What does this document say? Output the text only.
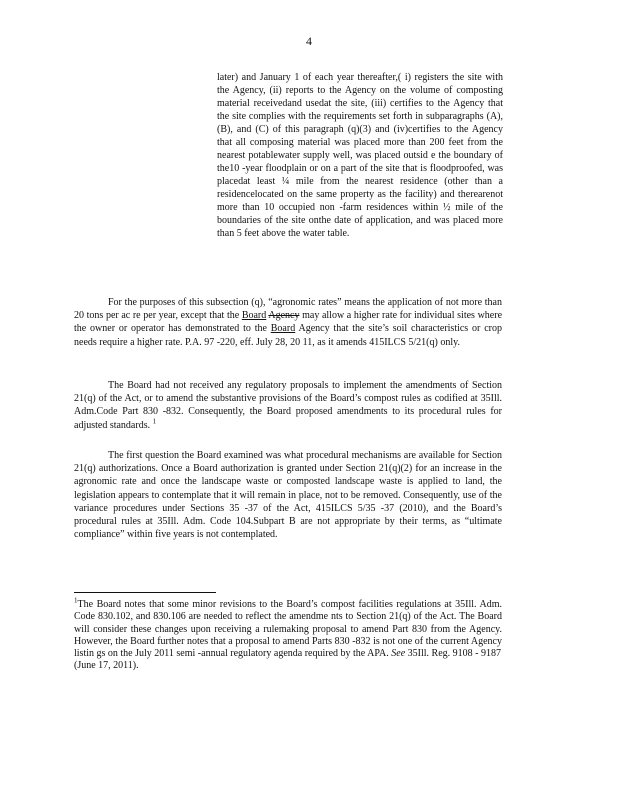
4
later) and January 1 of each year thereafter,( i) registers the site with the Agency, (ii) reports to the Agency on the volume of composting material receivedand usedat the site, (iii) certifies to the Agency that the site complies with the requirements set forth in subparagraphs (A),(B), and (C) of this paragraph (q)(3) and (iv)certifies to the Agency that all composing material was placed more than 200 feet from the nearest potablewater supply well, was placed outsid e the boundary of the10 -year floodplain or on a part of the site that is floodproofed, was placedat least ¼ mile from the nearest residence (other than a residencelocated on the same property as the facility) and therearenot more than 10 occupied non -farm residences within ½ mile of the boundaries of the site onthe date of application, and was placed more than 5 feet above the water table.
For the purposes of this subsection (q), “agronomic rates” means the application of not more than 20 tons per ac re per year, except that the Board Agency may allow a higher rate for individual sites where the owner or operator has demonstrated to the Board Agency that the site’s soil characteristics or crop needs require a higher rate. P.A. 97 -220, eff. July 28, 20 11, as it amends 415ILCS 5/21(q) only.
The Board had not received any regulatory proposals to implement the amendments of Section 21(q) of the Act, or to amend the substantive provisions of the Board’s compost rules as codified at 35Ill. Adm.Code Part 830 -832. Consequently, the Board proposed amendments to its procedural rules for adjusted standards. $^1$
The first question the Board examined was what procedural mechanisms are available for Section 21(q) authorizations. Once a Board authorization is granted under Section 21(q)(2) for an increase in the agronomic rate and once the landscape waste or composted landscape waste is applied to land, the legislation appears to contemplate that it will remain in place, not to be removed. Consequently, use of the variance procedures under Sections 35 -37 of the Act, 415ILCS 5/35 -37 (2010), and the Board’s procedural rules at 35Ill. Adm. Code 104.Subpart B are not appropriate by their terms, as “ultimate compliance” within five years is not contemplated.
$^1$The Board notes that some minor revisions to the Board’s compost facilities regulations at 35Ill. Adm. Code 830.102, and 830.106 are needed to reflect the amendme nts to Section 21(q) of the Act. The Board will consider these changes upon receiving a rulemaking proposal to amend Part 830 from the Agency. However, the Board further notes that a proposal to amend Parts 830 -832 is not one of the current Agency listin gs on the July 2011 semi -annual regulatory agenda required by the APA. See 35Ill. Reg. 9108 - 9187
(June 17, 2011).
